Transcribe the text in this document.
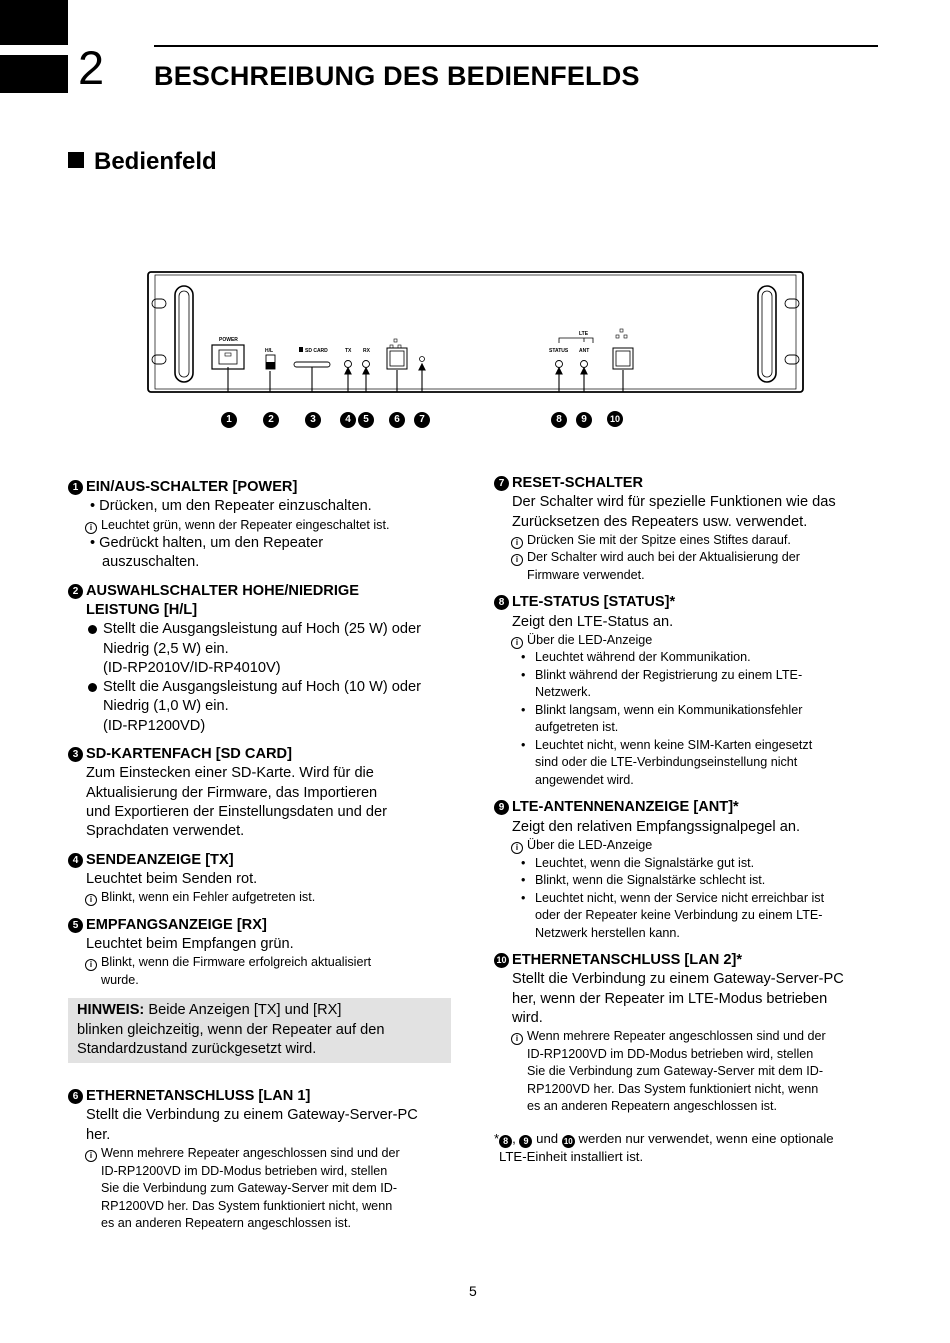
2 BESCHREIBUNG DES BEDIENFELDS
Bedienfeld
POWER
H/L	SD CARD	TX RX
LTE
STATUS ANT
1	2	3	4	5	6	7	8	9	10
1 EIN/AUS-SCHALTER [POWER]
• Drücken, um den Repeater einzuschalten.
i Leuchtet grün, wenn der Repeater eingeschaltet ist.
• Gedrückt halten, um den Repeater
auszuschalten.
2 AUSWAHLSCHALTER HOHE/NIEDRIGE
LEISTUNG [H/L]
Stellt die Ausgangsleistung auf Hoch (25 W) oder
Niedrig (2,5 W) ein.
(ID-RP2010V/ID-RP4010V)
Stellt die Ausgangsleistung auf Hoch (10 W) oder
Niedrig (1,0 W) ein.
(ID-RP1200VD)
3 SD-KARTENFACH [SD CARD]
Zum Einstecken einer SD-Karte. Wird für die
Aktualisierung der Firmware, das Importieren
und Exportieren der Einstellungsdaten und der
Sprachdaten verwendet.
4 SENDEANZEIGE [TX]
Leuchtet beim Senden rot.
i Blinkt, wenn ein Fehler aufgetreten ist.
5 EMPFANGSANZEIGE [RX]
Leuchtet beim Empfangen grün.
i Blinkt, wenn die Firmware erfolgreich aktualisiert
wurde.
HINWEIS: Beide Anzeigen [TX] und [RX]
blinken gleichzeitig, wenn der Repeater auf den
Standardzustand zurückgesetzt wird.
6 ETHERNETANSCHLUSS [LAN 1]
Stellt die Verbindung zu einem Gateway-Server-PC
her.
i Wenn mehrere Repeater angeschlossen sind und der
ID-RP1200VD im DD-Modus betrieben wird, stellen
Sie die Verbindung zum Gateway-Server mit dem ID-
RP1200VD her. Das System funktioniert nicht, wenn
es an anderen Repeatern angeschlossen ist.
7 RESET-SCHALTER
Der Schalter wird für spezielle Funktionen wie das
Zurücksetzen des Repeaters usw. verwendet.
i Drücken Sie mit der Spitze eines Stiftes darauf.
i Der Schalter wird auch bei der Aktualisierung der
Firmware verwendet.
8 LTE-STATUS [STATUS]*
Zeigt den LTE-Status an.
i Über die LED-Anzeige
• Leuchtet während der Kommunikation.
• Blinkt während der Registrierung zu einem LTE-
Netzwerk.
• Blinkt langsam, wenn ein Kommunikationsfehler
aufgetreten ist.
• Leuchtet nicht, wenn keine SIM-Karten eingesetzt
sind oder die LTE-Verbindungseinstellung nicht
angewendet wird.
9 LTE-ANTENNENANZEIGE [ANT]*
Zeigt den relativen Empfangssignalpegel an.
i Über die LED-Anzeige
• Leuchtet, wenn die Signalstärke gut ist.
• Blinkt, wenn die Signalstärke schlecht ist.
• Leuchtet nicht, wenn der Service nicht erreichbar ist
oder der Repeater keine Verbindung zu einem LTE-
Netzwerk herstellen kann.
10 ETHERNETANSCHLUSS [LAN 2]*
Stellt die Verbindung zu einem Gateway-Server-PC
her, wenn der Repeater im LTE-Modus betrieben
wird.
i Wenn mehrere Repeater angeschlossen sind und der
ID-RP1200VD im DD-Modus betrieben wird, stellen
Sie die Verbindung zum Gateway-Server mit dem ID-
RP1200VD her. Das System funktioniert nicht, wenn
es an anderen Repeatern angeschlossen ist.
* 8 , 9 und 10 werden nur verwendet, wenn eine optionale
LTE-Einheit installiert ist.
5
